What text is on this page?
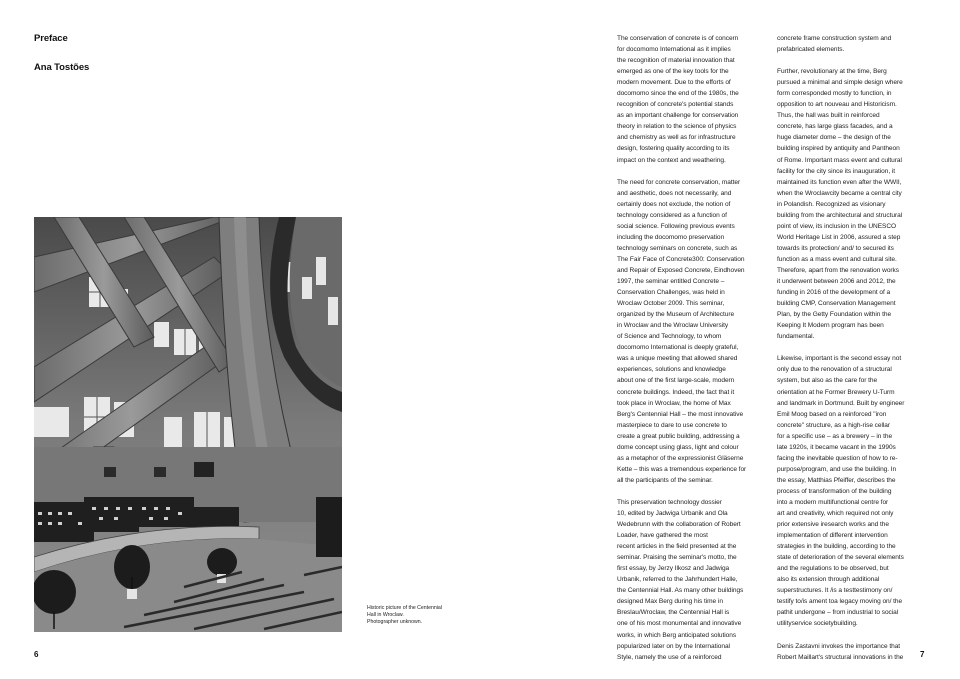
Preface
Ana Tostões
Historic picture of the Centennial
Hall in Wroclaw.
Photographer unknown.
6	7
The conservation of concrete is of concern
for docomomo International as it implies
the recognition of material innovation that
emerged as one of the key tools for the
modern movement. Due to the efforts of
docomomo since the end of the 1980s, the
recognition of concrete's potential stands
as an important challenge for conservation
theory in relation to the science of physics
and chemistry as well as for infrastructure
design, fostering quality according to its
impact on the context and weathering.
The need for concrete conservation, matter
and aesthetic, does not necessarily, and
certainly does not exclude, the notion of
technology considered as a function of
social science. Following previous events
including the docomomo preservation
technology seminars on concrete, such as
The Fair Face of Concrete300: Conservation
and Repair of Exposed Concrete, Eindhoven
1997, the seminar entitled Concrete –
Conservation Challenges, was held in
Wroclaw October 2009. This seminar,
organized by the Museum of Architecture
in Wroclaw and the Wroclaw University
of Science and Technology, to whom
docomomo International is deeply grateful,
was a unique meeting that allowed shared
experiences, solutions and knowledge
about one of the first large-scale, modern
concrete buildings. Indeed, the fact that it
took place in Wroclaw, the home of Max
Berg's Centennial Hall – the most innovative
masterpiece to dare to use concrete to
create a great public building, addressing a
dome concept using glass, light and colour
as a metaphor of the expressionist Gläserne
Kette – this was a tremendous experience for
all the participants of the seminar.
This preservation technology dossier
10, edited by Jadwiga Urbanik and Ola
Wedebrunn with the collaboration of Robert
Loader, have gathered the most
recent articles in the field presented at the
seminar. Praising the seminar's motto, the
first essay, by Jerzy Ilkosz and Jadwiga
Urbanik, referred to the Jahrhundert Halle,
the Centennial Hall. As many other buildings
designed Max Berg during his time in
Breslau/Wroclaw, the Centennial Hall is
one of his most monumental and innovative
works, in which Berg anticipated solutions
popularized later on by the International
Style, namely the use of a reinforced
concrete frame construction system and
prefabricated elements.
Further, revolutionary at the time, Berg
pursued a minimal and simple design where
form corresponded mostly to function, in
opposition to art nouveau and Historicism.
Thus, the hall was built in reinforced
concrete, has large glass facades, and a
huge diameter dome – the design of the
building inspired by antiquity and Pantheon
of Rome. Important mass event and cultural
facility for the city since its inauguration, it
maintained its function even after the WWII,
when the Wroclawcity became a central city
in Polandish. Recognized as visionary
building from the architectural and structural
point of view, its inclusion in the UNESCO
World Heritage List in 2006, assured a step
towards its protection/ and/ to secured its
function as a mass event and cultural site.
Therefore, apart from the renovation works
it underwent between 2006 and 2012, the
funding in 2016 of the development of a
building CMP, Conservation Management
Plan, by the Getty Foundation within the
Keeping It Modern program has been
fundamental.
Likewise, important is the second essay not
only due to the renovation of a structural
system, but also as the care for the
orientation at he Former Brewery U-Turm
and landmark in Dortmund. Built by engineer
Emil Moog based on a reinforced "iron
concrete" structure, as a high-rise cellar
for a specific use – as a brewery – in the
late 1920s, it became vacant in the 1990s
facing the inevitable question of how to re-
purpose/program, and use the building. In
the essay, Matthias Pfeiffer, describes the
process of transformation of the building
into a modern multifunctional centre for
art and creativity, which required not only
prior extensive iresearch works and the
implementation of different intervention
strategies in the building, according to the
state of deterioration of the several elements
and the regulations to be observed, but
also its extension through additional
superstructures. It /is a testtestimony on/
testify to/is ament toa legacy moving on/ the
pathit undergone – from industrial to social
utilityservice societybuilding.
Denis Zastavni invokes the importance that
Robert Maillart's structural innovations in the
